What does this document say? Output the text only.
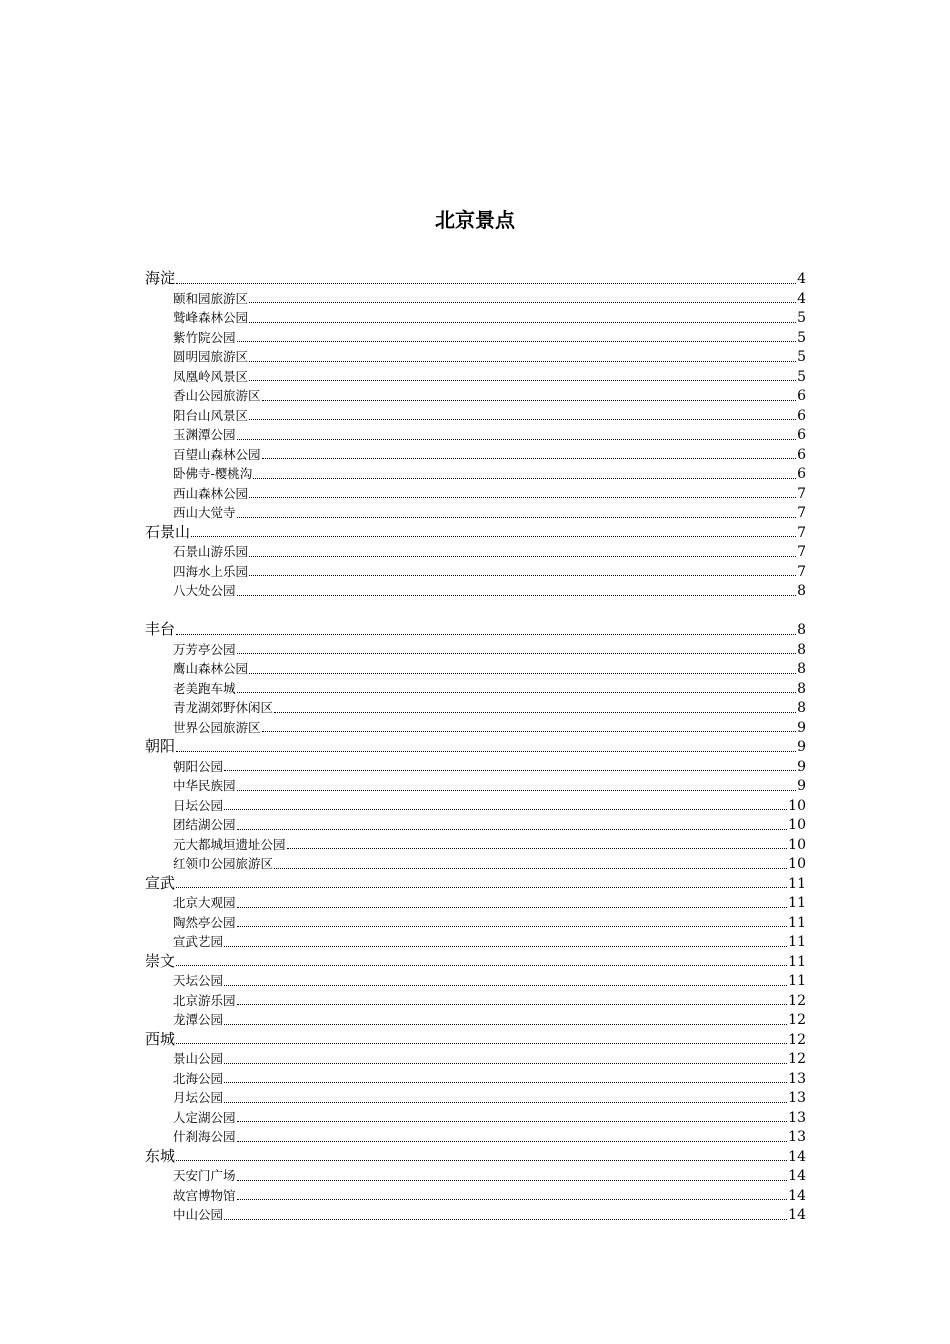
北京景点
海淀	4
颐和园旅游区	4
鹫峰森林公园	5
紫竹院公园	5
圆明园旅游区	5
凤凰岭风景区	5
香山公园旅游区	6
阳台山风景区	6
玉渊潭公园	6
百望山森林公园	6
卧佛寺-樱桃沟	6
西山森林公园	7
西山大觉寺	7
石景山	7
石景山游乐园	7
四海水上乐园	7
八大处公园	8
丰台	8
万芳亭公园	8
鹰山森林公园	8
老美跑车城	8
青龙湖郊野休闲区	8
世界公园旅游区	9
朝阳	9
朝阳公园	9
中华民族园	9
日坛公园	10
团结湖公园	10
元大都城垣遗址公园	10
红领巾公园旅游区	10
宣武	11
北京大观园	11
陶然亭公园	11
宣武艺园	11
崇文	11
天坛公园	11
北京游乐园	12
龙潭公园	12
西城	12
景山公园	12
北海公园	13
月坛公园	13
人定湖公园	13
什刹海公园	13
东城	14
天安门广场	14
故宫博物馆	14
中山公园	14
